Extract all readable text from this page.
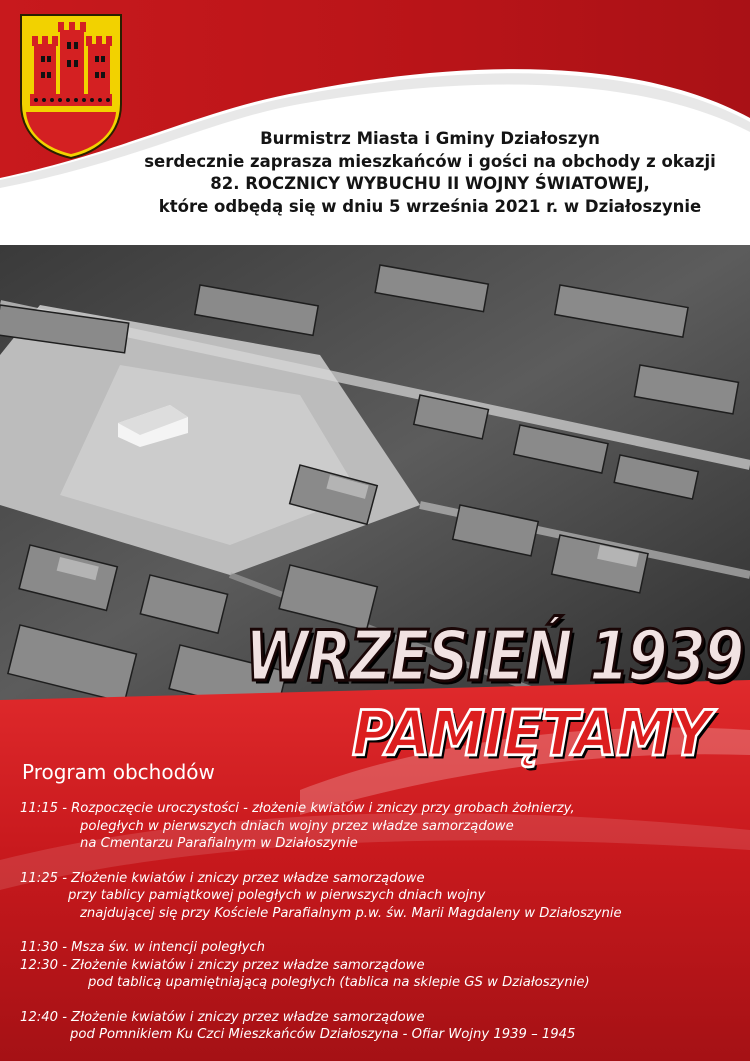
Burmistrz Miasta i Gminy Działoszyn
serdecznie zaprasza mieszkańców i gości na obchody z okazji
82. ROCZNICY WYBUCHU II WOJNY ŚWIATOWEJ,
które odbędą się w dniu 5 września 2021 r. w Działoszynie
WRZESIEŃ 1939
PAMIĘTAMY
Program obchodów
11:15 - Rozpoczęcie uroczystości - złożenie kwiatów i zniczy przy grobach żołnierzy,
poległych w pierwszych dniach wojny przez władze samorządowe
na Cmentarzu Parafialnym w Działoszynie
11:25 - Złożenie kwiatów i zniczy przez władze samorządowe
przy tablicy pamiątkowej poległych w pierwszych dniach wojny
znajdującej się przy Kościele Parafialnym p.w. św. Marii Magdaleny w Działoszynie
11:30 - Msza św. w intencji poległych
12:30 - Złożenie kwiatów i zniczy przez władze samorządowe
pod tablicą upamiętniającą poległych (tablica na sklepie GS w Działoszynie)
12:40 - Złożenie kwiatów i zniczy przez władze samorządowe
pod Pomnikiem Ku Czci Mieszkańców Działoszyna - Ofiar Wojny 1939 – 1945
